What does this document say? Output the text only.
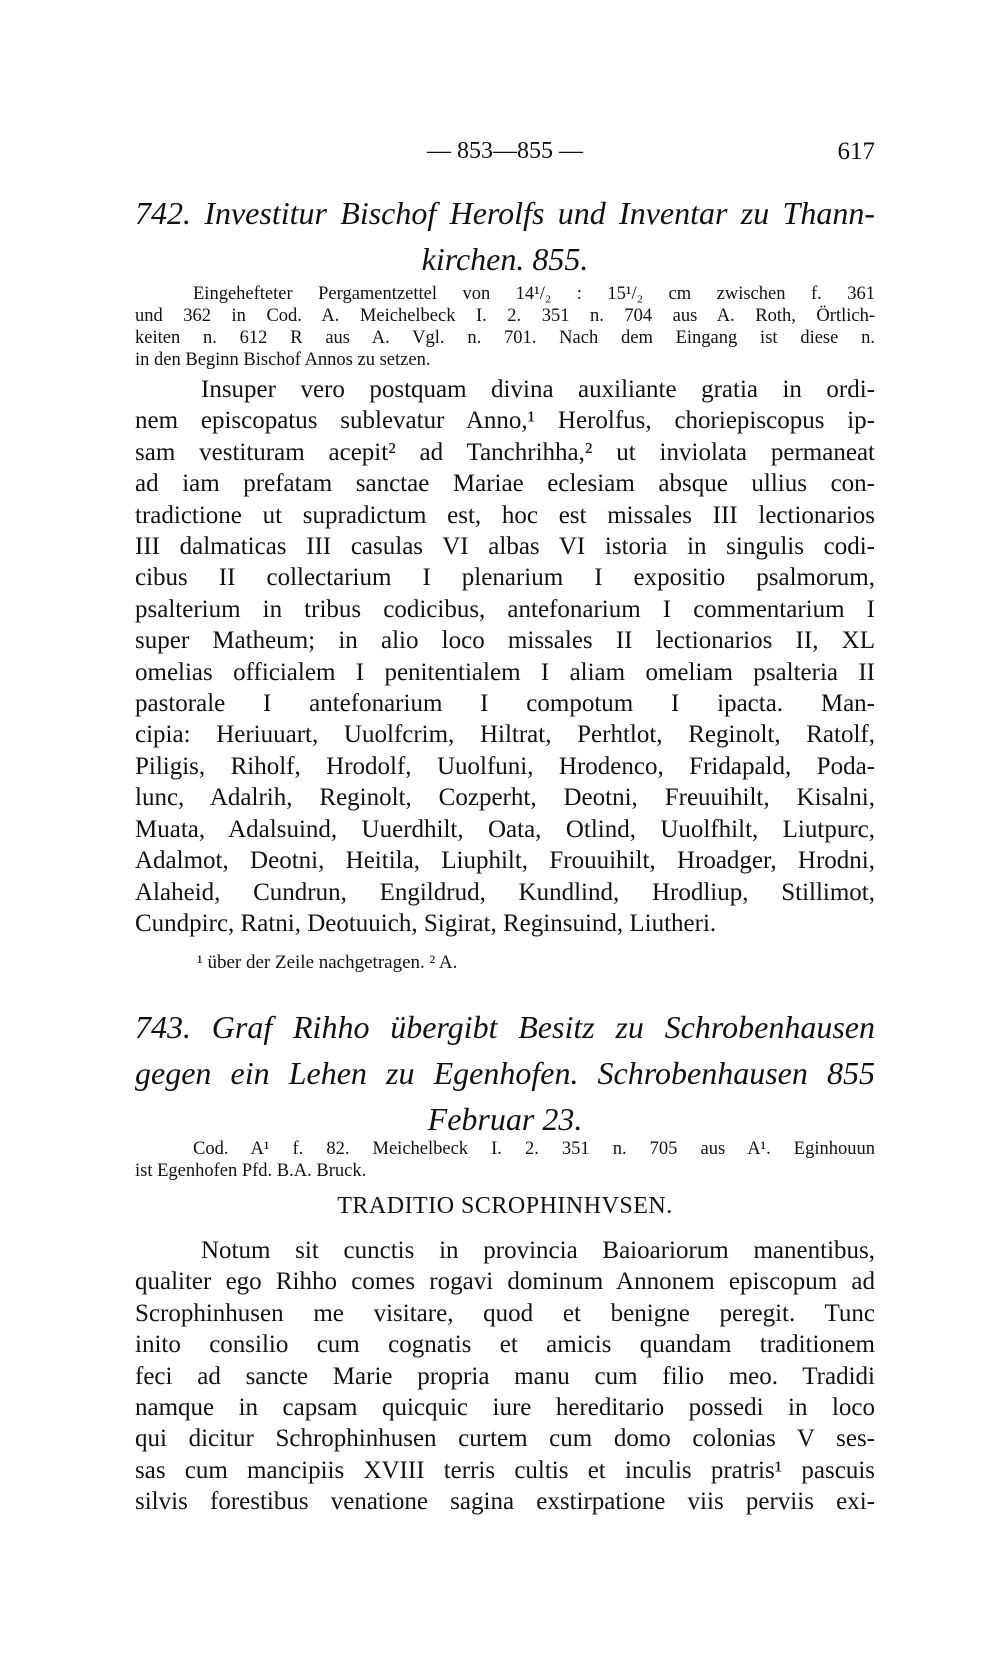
— 853—855 —	617
742. Investitur Bischof Herolfs und Inventar zu Thann-
kirchen. 855.
Eingehefteter Pergamentzettel von 14¹/₂ : 15¹/₂ cm zwischen f. 361
und 362 in Cod. A. Meichelbeck I. 2. 351 n. 704 aus A. Roth, Örtlich-
keiten n. 612 R aus A. Vgl. n. 701. Nach dem Eingang ist diese n.
in den Beginn Bischof Annos zu setzen.
Insuper vero postquam divina auxiliante gratia in ordi-
nem episcopatus sublevatur Anno,¹ Herolfus, choriepiscopus ip-
sam vestituram acepit² ad Tanchrihha,² ut inviolata permaneat
ad iam prefatam sanctae Mariae eclesiam absque ullius con-
tradictione ut supradictum est, hoc est missales III lectionarios
III dalmaticas III casulas VI albas VI istoria in singulis codi-
cibus II collectarium I plenarium I expositio psalmorum,
psalterium in tribus codicibus, antefonarium I commentarium I
super Matheum; in alio loco missales II lectionarios II, XL
omelias officialem I penitentialem I aliam omeliam psalteria II
pastorale I antefonarium I compotum I ipacta. Man-
cipia: Heriuuart, Uuolfcrim, Hiltrat, Perhtlot, Reginolt, Ratolf,
Piligis, Riholf, Hrodolf, Uuolfuni, Hrodenco, Fridapald, Poda-
lunc, Adalrih, Reginolt, Cozperht, Deotni, Freuuihilt, Kisalni,
Muata, Adalsuind, Uuerdhilt, Oata, Otlind, Uuolfhilt, Liutpurc,
Adalmot, Deotni, Heitila, Liuphilt, Frouuihilt, Hroadger, Hrodni,
Alaheid, Cundrun, Engildrud, Kundlind, Hrodliup, Stillimot,
Cundpirc, Ratni, Deotuuich, Sigirat, Reginsuind, Liutheri.
¹ über der Zeile nachgetragen. ² A.
743. Graf Rihho übergibt Besitz zu Schrobenhausen
gegen ein Lehen zu Egenhofen. Schrobenhausen 855
Februar 23.
Cod. A¹ f. 82. Meichelbeck I. 2. 351 n. 705 aus A¹. Eginhouun
ist Egenhofen Pfd. B.A. Bruck.
TRADITIO SCROPHINHVSEN.
Notum sit cunctis in provincia Baioariorum manentibus,
qualiter ego Rihho comes rogavi dominum Annonem episcopum ad
Scrophinhusen me visitare, quod et benigne peregit. Tunc
inito consilio cum cognatis et amicis quandam traditionem
feci ad sancte Marie propria manu cum filio meo. Tradidi
namque in capsam quicquic iure hereditario possedi in loco
qui dicitur Schrophinhusen curtem cum domo colonias V ses-
sas cum mancipiis XVIII terris cultis et inculis pratris¹ pascuis
silvis forestibus venatione sagina exstirpatione viis perviis exi-
